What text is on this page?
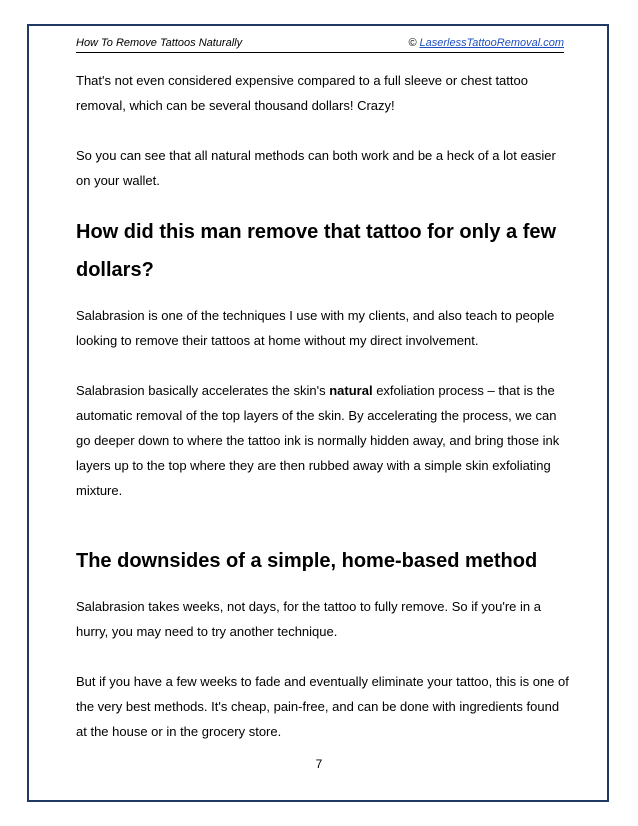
How To Remove Tattoos Naturally	© LaserlessTattooRemoval.com

That's not even considered expensive compared to a full sleeve or chest tattoo removal, which can be several thousand dollars! Crazy!

So you can see that all natural methods can both work and be a heck of a lot easier on your wallet.

How did this man remove that tattoo for only a few dollars?

Salabrasion is one of the techniques I use with my clients, and also teach to people looking to remove their tattoos at home without my direct involvement.

Salabrasion basically accelerates the skin's natural exfoliation process – that is the automatic removal of the top layers of the skin. By accelerating the process, we can go deeper down to where the tattoo ink is normally hidden away, and bring those ink layers up to the top where they are then rubbed away with a simple skin exfoliating mixture.

The downsides of a simple, home-based method

Salabrasion takes weeks, not days, for the tattoo to fully remove. So if you're in a hurry, you may need to try another technique.

But if you have a few weeks to fade and eventually eliminate your tattoo, this is one of the very best methods. It's cheap, pain-free, and can be done with ingredients found at the house or in the grocery store.

7
